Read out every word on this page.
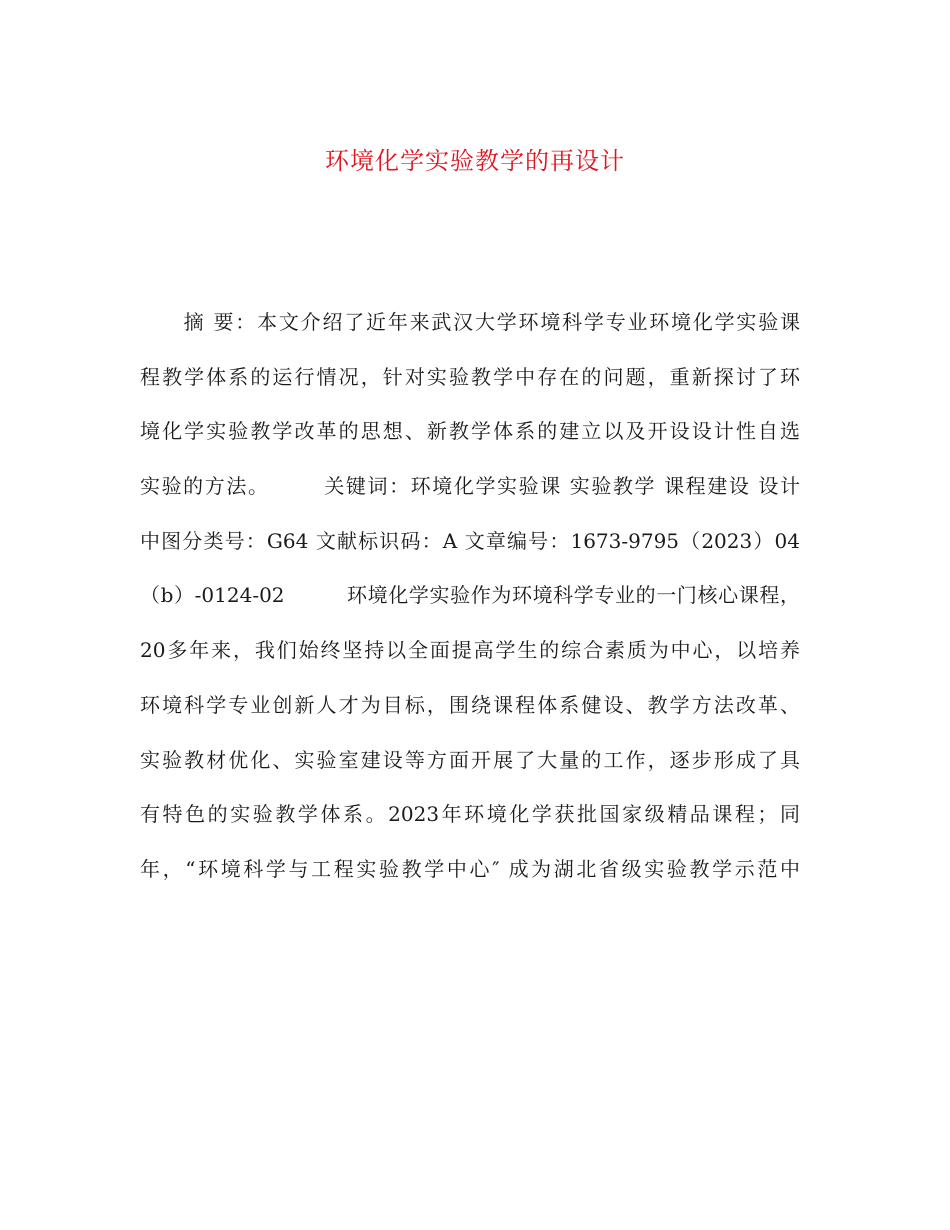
环境化学实验教学的再设计
　　摘 要：本文介绍了近年来武汉大学环境科学专业环境化学实验课
程教学体系的运行情况，针对实验教学中存在的问题，重新探讨了环
境化学实验教学改革的思想、新教学体系的建立以及开设设计性自选
实验的方法。　　　关键词：环境化学实验课 实验教学 课程建设 设计
中图分类号：G64 文献标识码：A 文章编号：1673-9795（2023）04
（b）-0124-02　　　环境化学实验作为环境科学专业的一门核心课程，
20多年来，我们始终坚持以全面提高学生的综合素质为中心，以培养
环境科学专业创新人才为目标，围绕课程体系健设、教学方法改革、
实验教材优化、实验室建设等方面开展了大量的工作，逐步形成了具
有特色的实验教学体系。2023年环境化学获批国家级精品课程；同
年，“环境科学与工程实验教学中心″ 成为湖北省级实验教学示范中
